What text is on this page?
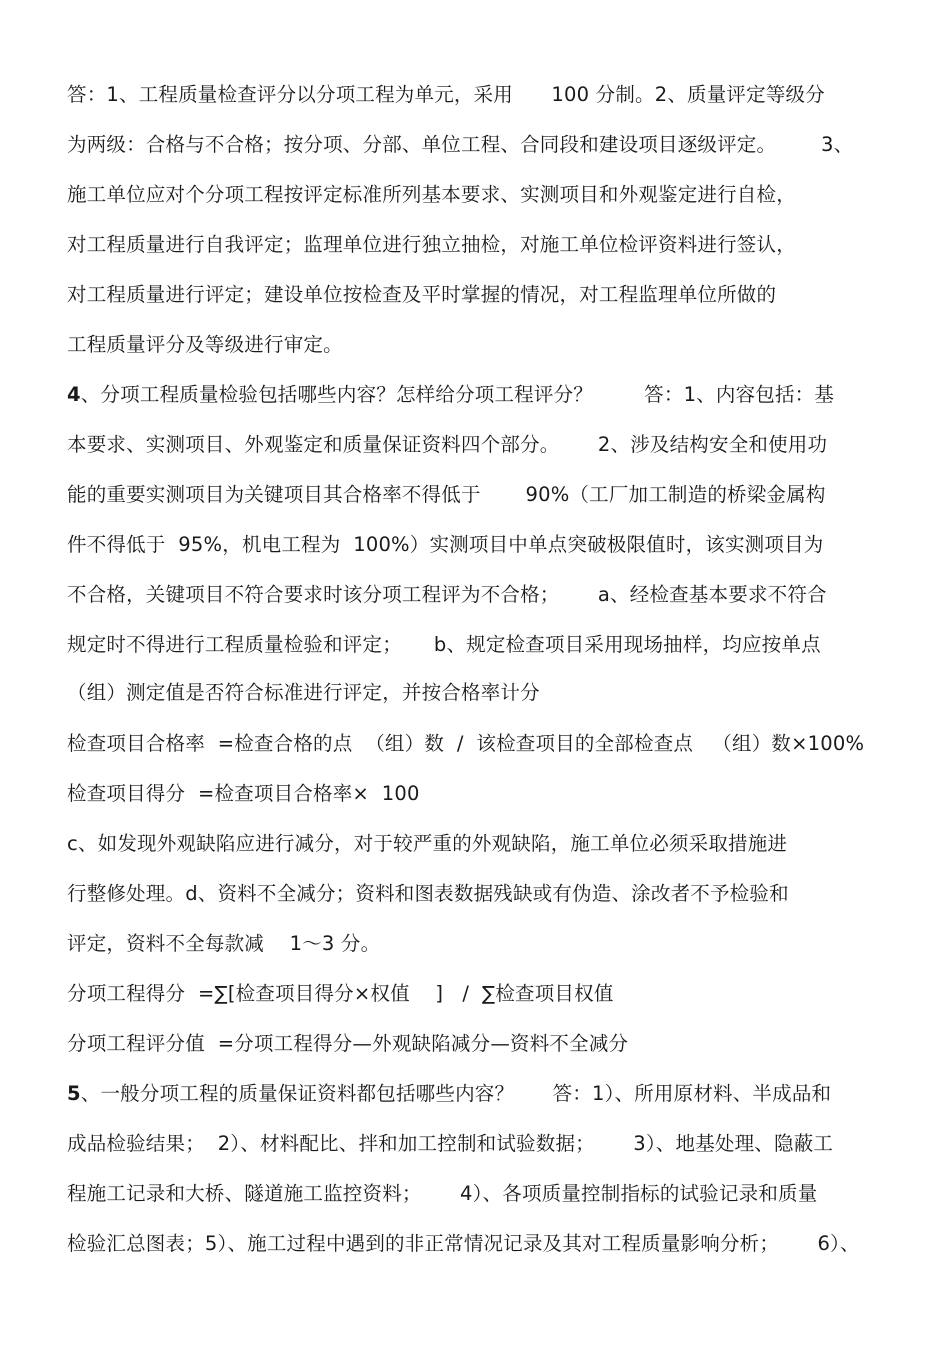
答：1、工程质量检查评分以分项工程为单元，采用      100 分制。2、质量评定等级分
为两级：合格与不合格；按分项、分部、单位工程、合同段和建设项目逐级评定。       3、
施工单位应对个分项工程按评定标准所列基本要求、实测项目和外观鉴定进行自检，
对工程质量进行自我评定；监理单位进行独立抽检，对施工单位检评资料进行签认，
对工程质量进行评定；建设单位按检查及平时掌握的情况，对工程监理单位所做的
工程质量评分及等级进行审定。
4、分项工程质量检验包括哪些内容？怎样给分项工程评分？        答：1、内容包括：基
本要求、实测项目、外观鉴定和质量保证资料四个部分。      2、涉及结构安全和使用功
能的重要实测项目为关键项目其合格率不得低于       90%（工厂加工制造的桥梁金属构
件不得低于  95%，机电工程为  100%）实测项目中单点突破极限值时，该实测项目为
不合格，关键项目不符合要求时该分项工程评为不合格；      a、经检查基本要求不符合
规定时不得进行工程质量检验和评定；     b、规定检查项目采用现场抽样，均应按单点
（组）测定值是否符合标准进行评定，并按合格率计分
检查项目合格率  =检查合格的点  （组）数  /  该检查项目的全部检查点   （组）数×100%
检查项目得分  =检查项目合格率×  100
c、如发现外观缺陷应进行减分，对于较严重的外观缺陷，施工单位必须采取措施进
行整修处理。d、资料不全减分；资料和图表数据残缺或有伪造、涂改者不予检验和
评定，资料不全每款减    1～3 分。
分项工程得分  =∑[检查项目得分×权值    ]   /  ∑检查项目权值
分项工程评分值  =分项工程得分—外观缺陷减分—资料不全减分
5、一般分项工程的质量保证资料都包括哪些内容？      答：1）、所用原材料、半成品和
成品检验结果；  2）、材料配比、拌和加工控制和试验数据；      3）、地基处理、隐蔽工
程施工记录和大桥、隧道施工监控资料；      4）、各项质量控制指标的试验记录和质量
检验汇总图表；5）、施工过程中遇到的非正常情况记录及其对工程质量影响分析；      6）、
